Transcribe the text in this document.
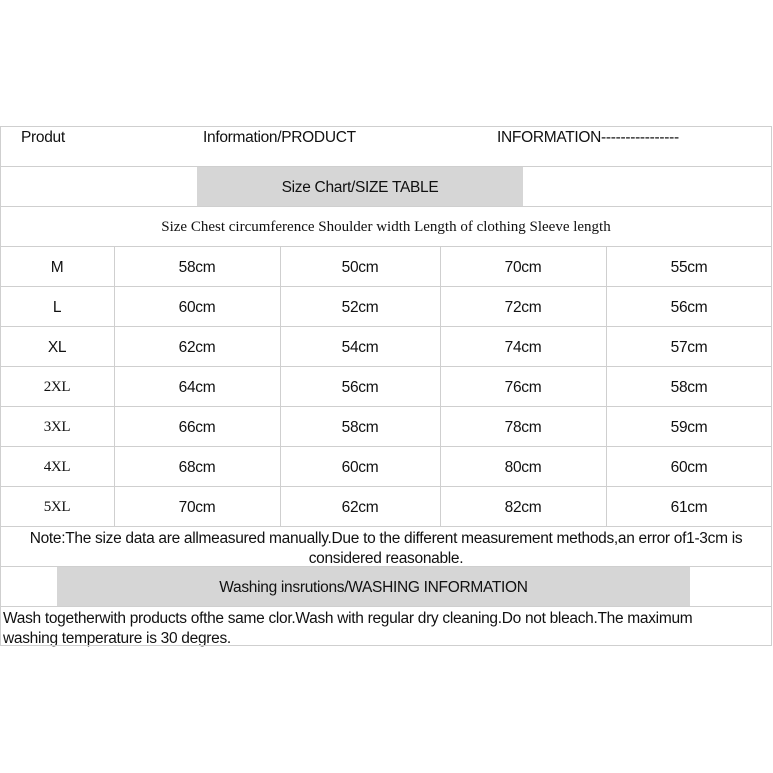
Produt	Information/PRODUCT	INFORMATION----------------
Size Chart/SIZE TABLE
Size Chest circumference Shoulder width Length of clothing Sleeve length
M	58cm	50cm	70cm	55cm
L	60cm	52cm	72cm	56cm
XL	62cm	54cm	74cm	57cm
2XL	64cm	56cm	76cm	58cm
3XL	66cm	58cm	78cm	59cm
4XL	68cm	60cm	80cm	60cm
5XL	70cm	62cm	82cm	61cm
Note:The size data are allmeasured manually.Due to the different measurement methods,an error of1-3cm is
considered reasonable.
Washing insrutions/WASHING INFORMATION
Wash togetherwith products ofthe same clor.Wash with regular dry cleaning.Do not bleach.The maximum
washing temperature is 30 degres.
